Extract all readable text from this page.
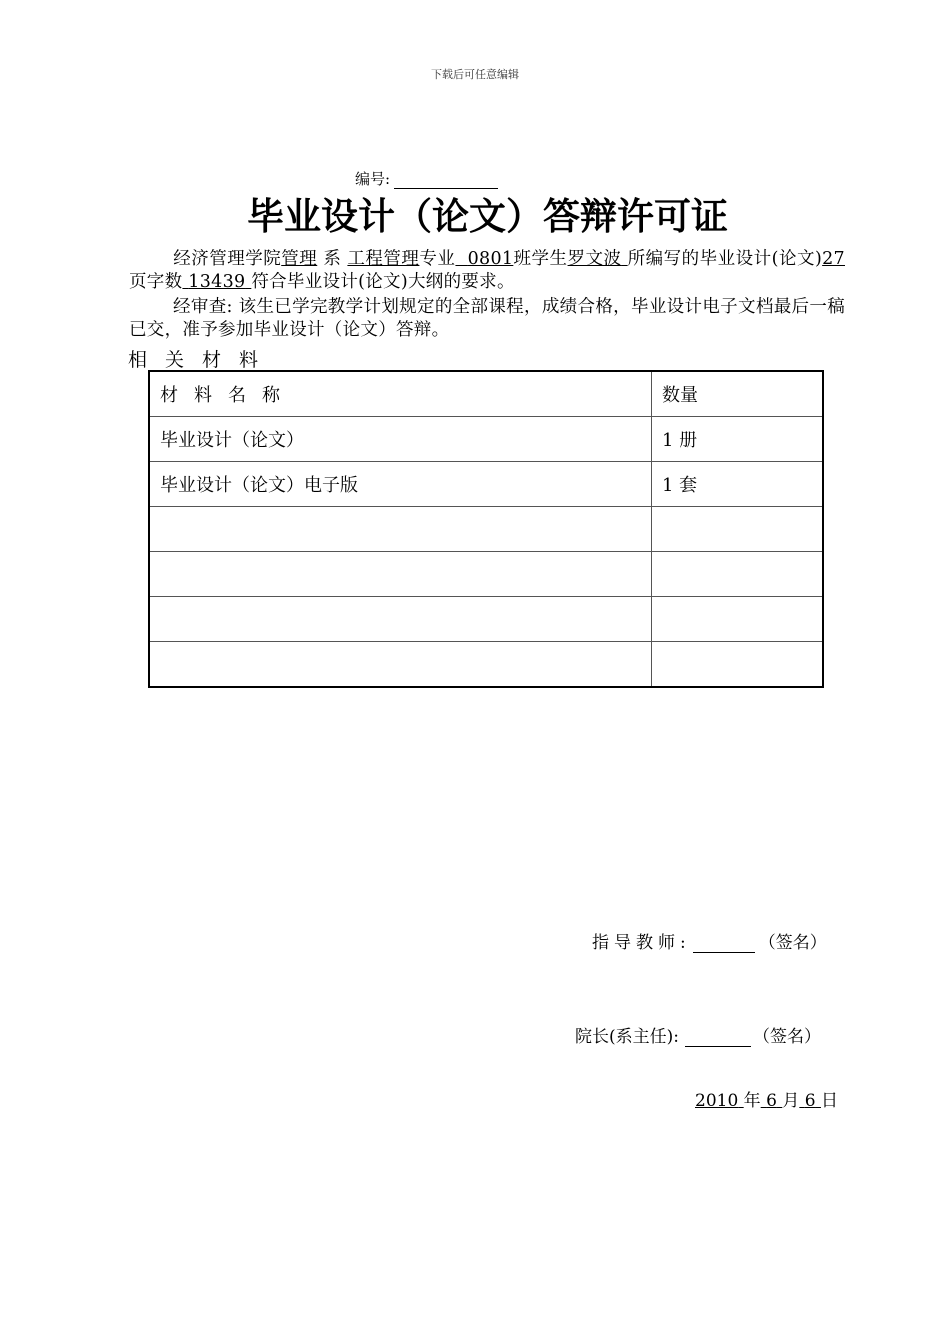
下载后可任意编辑
编号:
毕业设计（论文）答辩许可证
经济管理学院管理 系 工程管理专业 0801班学生罗文波 所编写的毕业设计(论文)27页字数 13439 符合毕业设计(论文)大纲的要求。
经审查: 该生已学完教学计划规定的全部课程，成绩合格，毕业设计电子文档最后一稿已交，准予参加毕业设计（论文）答辩。
相关材料
材料名称	数量
毕业设计（论文）	1 册
毕业设计（论文）电子版	1 套

指导教师:	（签名）
院长(系主任):	（签名）
2010 年 6 月 6 日
